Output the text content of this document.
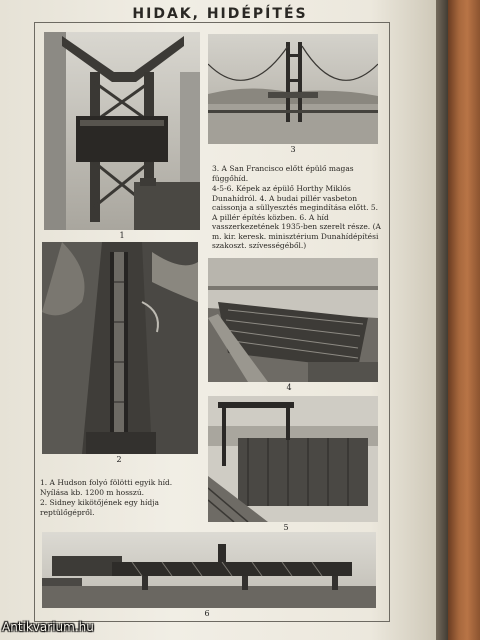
HIDAK, HIDÉPÍTÉS
1
3

3. A San Francisco előtt épülő magas függőhíd.

4-5-6. Képek az épülő Horthy Miklós Dunahídról. 4. A budai pillér vasbeton caissonja a süllyesztés megindítása előtt. 5. A pillér építés közben. 6. A híd vasszerkezetének 1935-ben szerelt része. (A m. kir. keresk. minisztérium Dunahídépítési szakoszt. szívességéből.)

2
4
5

1. A Hudson folyó fölötti egyik híd. Nyílása kb. 1200 m hosszú.

2. Sidney kikötőjének egy hídja reptülőgépről.

6
Antikvarium.hu
